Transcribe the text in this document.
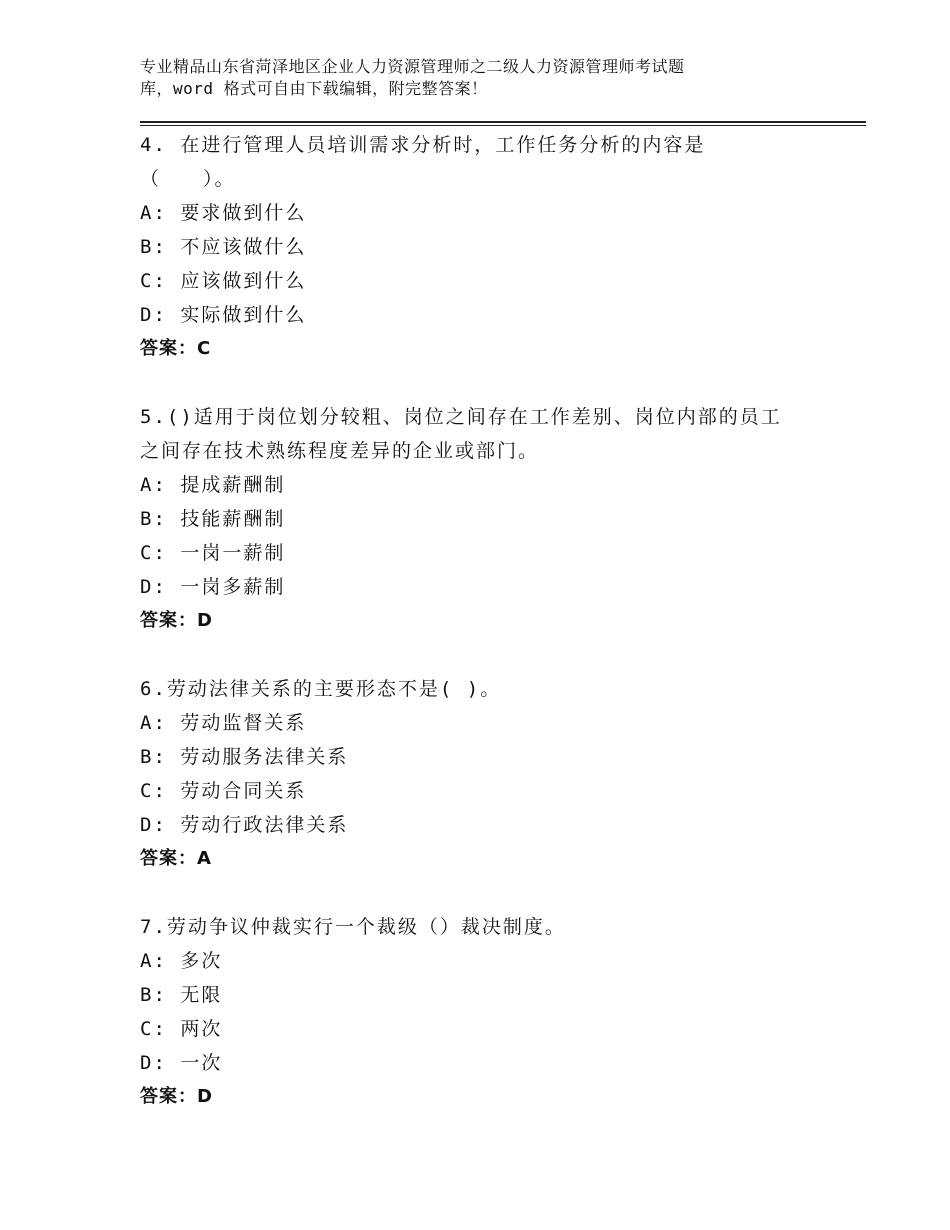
专业精品山东省菏泽地区企业人力资源管理师之二级人力资源管理师考试题
库，word 格式可自由下载编辑，附完整答案！
4. 在进行管理人员培训需求分析时，工作任务分析的内容是
（　　）。
A: 要求做到什么
B: 不应该做什么
C: 应该做到什么
D: 实际做到什么
答案：C
5.()适用于岗位划分较粗、岗位之间存在工作差别、岗位内部的员工
之间存在技术熟练程度差异的企业或部门。
A: 提成薪酬制
B: 技能薪酬制
C: 一岗一薪制
D: 一岗多薪制
答案：D
6.劳动法律关系的主要形态不是( )。
A: 劳动监督关系
B: 劳动服务法律关系
C: 劳动合同关系
D: 劳动行政法律关系
答案：A
7.劳动争议仲裁实行一个裁级（）裁决制度。
A: 多次
B: 无限
C: 两次
D: 一次
答案：D
